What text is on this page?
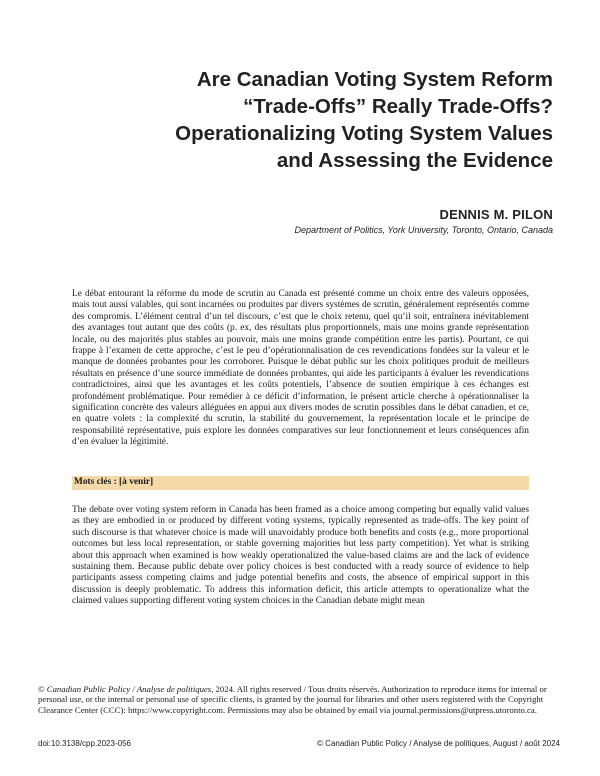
Are Canadian Voting System Reform
“Trade-Offs” Really Trade-Offs?
Operationalizing Voting System Values
and Assessing the Evidence
DENNIS M. PILON
Department of Politics, York University, Toronto, Ontario, Canada

Le débat entourant la réforme du mode de scrutin au Canada est présenté comme un choix entre des valeurs opposées, mais tout aussi valables, qui sont incarnées ou produites par divers systèmes de scrutin, généralement représentés comme des compromis. L’élément central d’un tel discours, c’est que le choix retenu, quel qu’il soit, entraînera inévitablement des avantages tout autant que des coûts (p. ex, des résultats plus proportionnels, mais une moins grande représentation locale, ou des majorités plus stables au pouvoir, mais une moins grande compétition entre les partis). Pourtant, ce qui frappe à l’examen de cette approche, c’est le peu d’opérationnalisation de ces revendications fondées sur la valeur et le manque de données probantes pour les corroborer. Puisque le débat public sur les choix politiques produit de meilleurs résultats en présence d’une source immédiate de données probantes, qui aide les participants à évaluer les revendications contradictoires, ainsi que les avantages et les coûts potentiels, l’absence de soutien empirique à ces échanges est profondément problématique. Pour remédier à ce déficit d’information, le présent article cherche à opérationnaliser la signification concrète des valeurs alléguées en appui aux divers modes de scrutin possibles dans le débat canadien, et ce, en quatre volets : la complexité du scrutin, la stabilité du gouvernement, la représentation locale et le principe de responsabilité représentative, puis explore les données comparatives sur leur fonctionnement et leurs conséquences afin d’en évaluer la légitimité.

Mots clés : [à venir]

The debate over voting system reform in Canada has been framed as a choice among competing but equally valid values as they are embodied in or produced by different voting systems, typically represented as trade-offs. The key point of such discourse is that whatever choice is made will unavoidably produce both benefits and costs (e.g., more proportional outcomes but less local representation, or stable governing majorities but less party competition). Yet what is striking about this approach when examined is how weakly operationalized the value-based claims are and the lack of evidence sustaining them. Because public debate over policy choices is best conducted with a ready source of evidence to help participants assess competing claims and judge potential benefits and costs, the absence of empirical support in this discussion is deeply problematic. To address this information deficit, this article attempts to operationalize what the claimed values supporting different voting system choices in the Canadian debate might mean

© Canadian Public Policy / Analyse de politiques, 2024. All rights reserved / Tous droits réservés. Authorization to reproduce items for internal or personal use, or the internal or personal use of specific clients, is granted by the journal for libraries and other users registered with the Copyright Clearance Center (CCC): https://www.copyright.com. Permissions may also be obtained by email via journal.permissions@utpress.utoronto.ca.

doi:10.3138/cpp.2023-056	© Canadian Public Policy / Analyse de politiques, August / août 2024
